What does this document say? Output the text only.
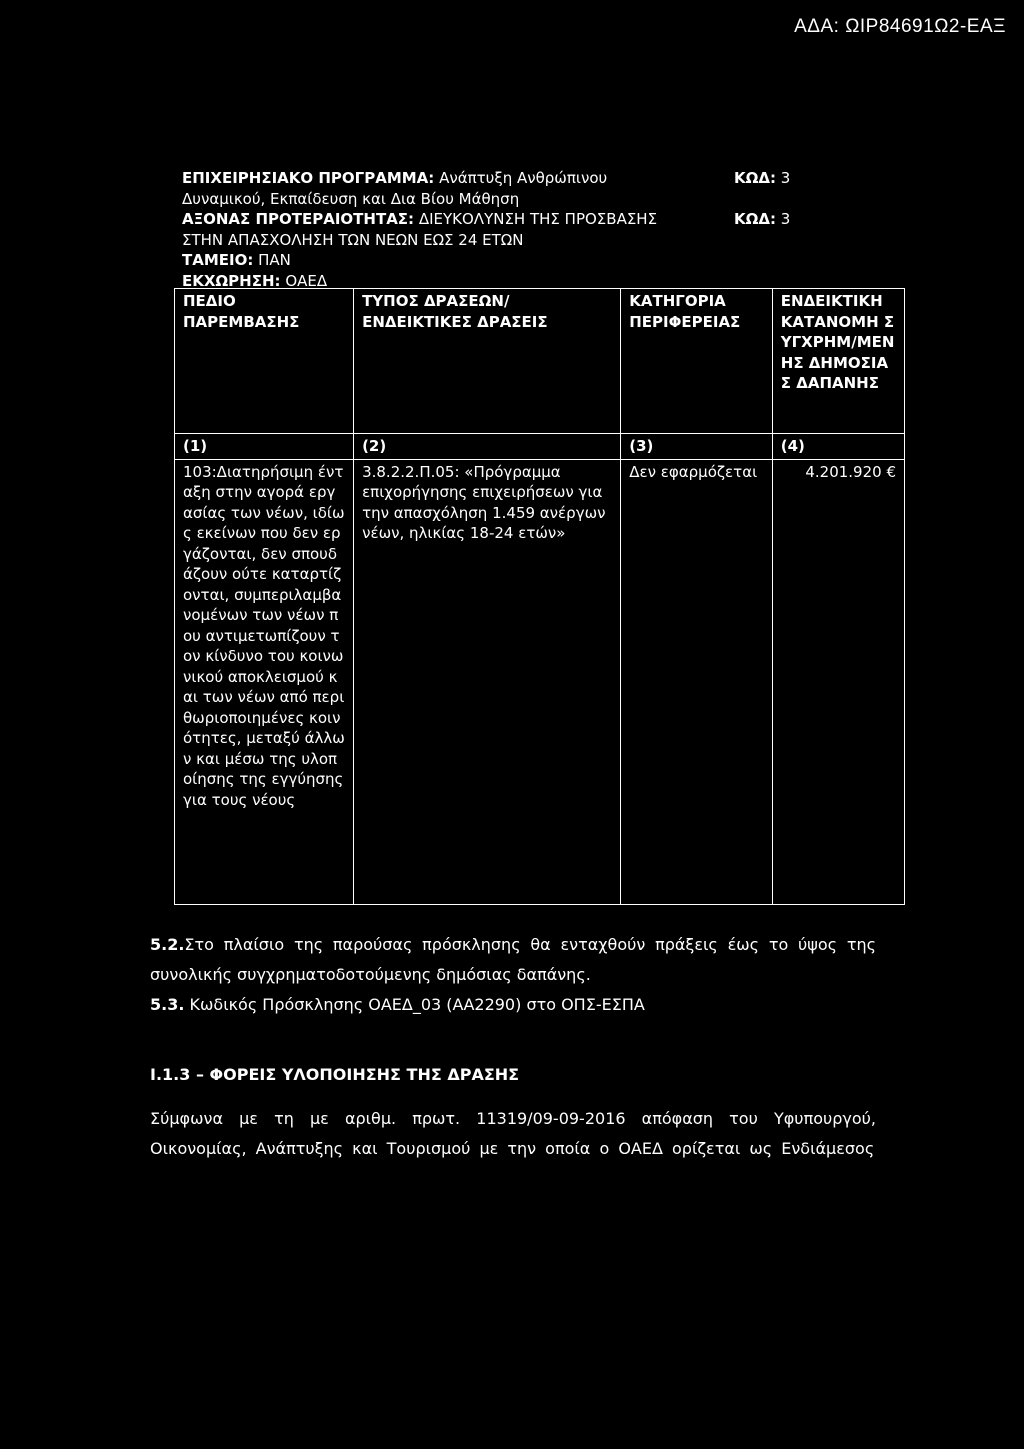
ΑΔΑ: ΩΙΡ84691Ω2-ΕΑΞ
ΕΠΙΧΕΙΡΗΣΙΑΚΟ ΠΡΟΓΡΑΜΜΑ: Ανάπτυξη Ανθρώπινου	ΚΩΔ: 3
Δυναμικού, Εκπαίδευση και Δια Βίου Μάθηση
ΑΞΟΝΑΣ ΠΡΟΤΕΡΑΙΟΤΗΤΑΣ: ΔΙΕΥΚΟΛΥΝΣΗ ΤΗΣ ΠΡΟΣΒΑΣΗΣ	ΚΩΔ: 3
ΣΤΗΝ ΑΠΑΣΧΟΛΗΣΗ ΤΩΝ ΝΕΩΝ ΕΩΣ 24 ΕΤΩΝ
ΤΑΜΕΙΟ: ΠΑΝ
ΕΚΧΩΡΗΣΗ: ΟΑΕΔ
ΠΕΔΙΟ ΠΑΡΕΜΒΑΣΗΣ	ΤΥΠΟΣ ΔΡΑΣΕΩΝ/ ΕΝΔΕΙΚΤΙΚΕΣ ΔΡΑΣΕΙΣ	ΚΑΤΗΓΟΡΙΑ ΠΕΡΙΦΕΡΕΙΑΣ	ΕΝΔΕΙΚΤΙΚΗ ΚΑΤΑΝΟΜΗ ΣΥΓΧΡΗΜ/ΜΕΝΗΣ ΔΗΜΟΣΙΑΣ ΔΑΠΑΝΗΣ
(1)	(2)	(3)	(4)
103:Διατηρήσιμη ένταξη στην αγορά εργασίας των νέων, ιδίως εκείνων που δεν εργάζονται, δεν σπουδάζουν ούτε καταρτίζονται, συμπεριλαμβανομένων των νέων που αντιμετωπίζουν τον κίνδυνο του κοινωνικού αποκλεισμού και των νέων από περιθωριοποιημένες κοινότητες, μεταξύ άλλων και μέσω της υλοποίησης της εγγύησης για τους νέους	3.8.2.2.Π.05: «Πρόγραμμα επιχορήγησης επιχειρήσεων για την απασχόληση 1.459 ανέργων νέων, ηλικίας 18-24 ετών»	Δεν εφαρμόζεται	4.201.920 €
5.2.Στο πλαίσιο της παρούσας πρόσκλησης θα ενταχθούν πράξεις έως το ύψος της συνολικής συγχρηματοδοτούμενης δημόσιας δαπάνης.
5.3. Κωδικός Πρόσκλησης ΟΑΕΔ_03 (ΑΑ2290) στο ΟΠΣ-ΕΣΠΑ
Ι.1.3 – ΦΟΡΕΙΣ ΥΛΟΠΟΙΗΣΗΣ ΤΗΣ ΔΡΑΣΗΣ
Σύμφωνα με τη με αριθμ. πρωτ. 11319/09-09-2016 απόφαση του Υφυπουργού, Οικονομίας, Ανάπτυξης και Τουρισμού με την οποία ο ΟΑΕΔ ορίζεται ως Ενδιάμεσος
